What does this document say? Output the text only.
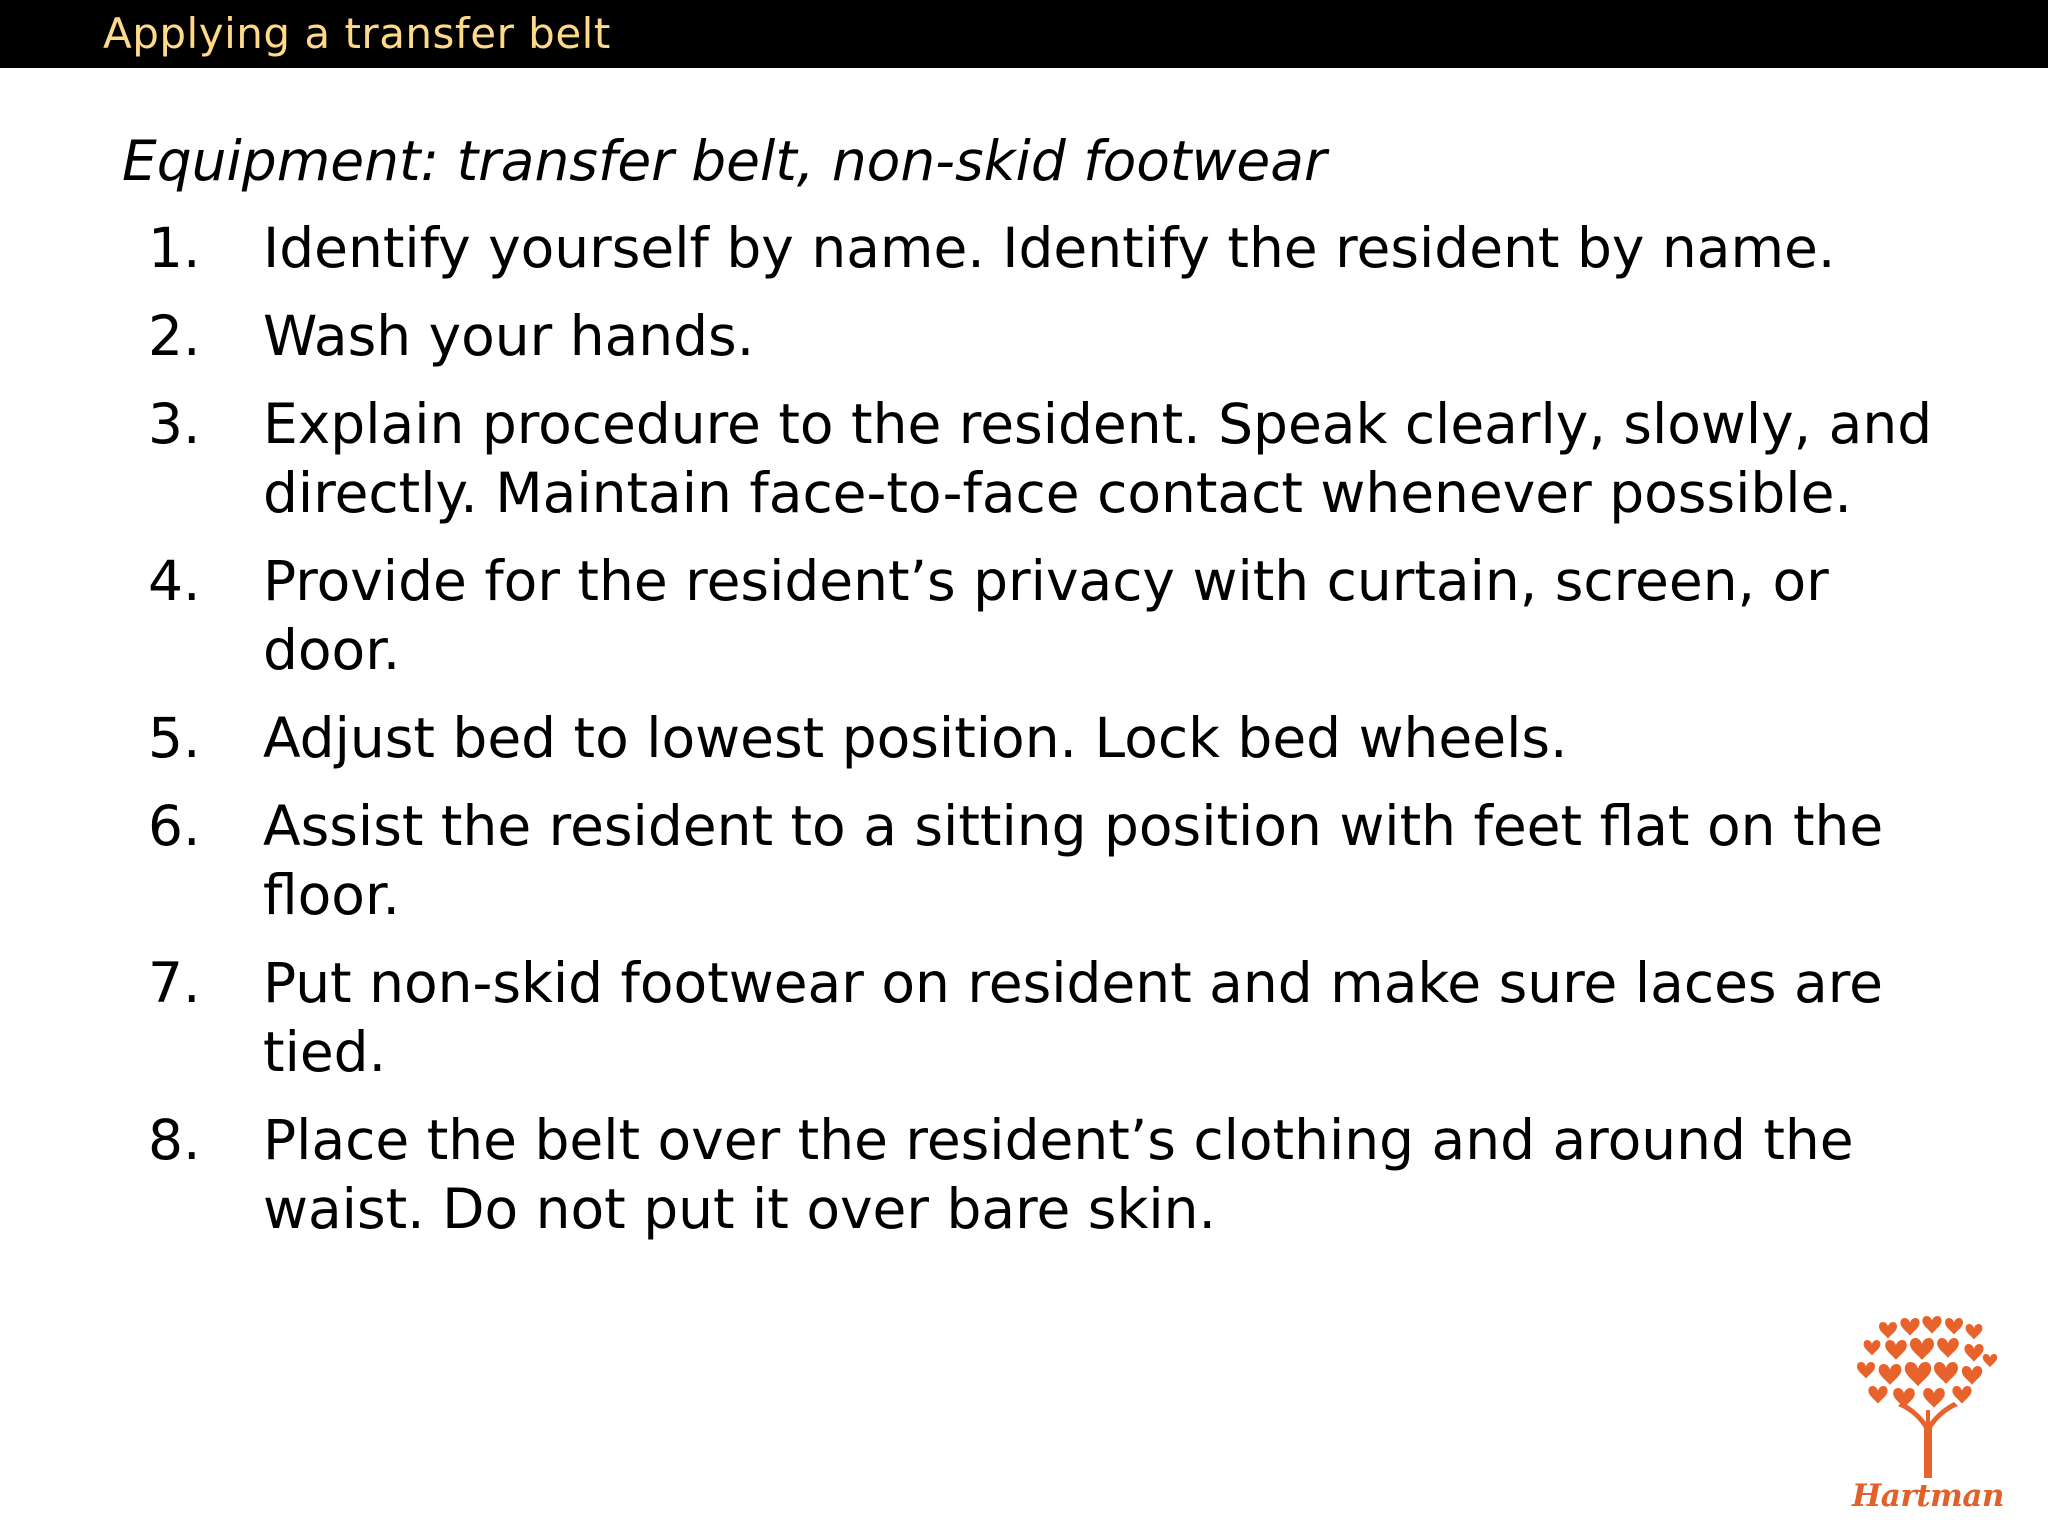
Applying a transfer belt
Equipment: transfer belt, non-skid footwear
1.	Identify yourself by name. Identify the resident by name.
2.	Wash your hands.
3.	Explain procedure to the resident. Speak clearly, slowly, and directly. Maintain face-to-face contact whenever possible.
4.	Provide for the resident’s privacy with curtain, screen, or door.
5.	Adjust bed to lowest position. Lock bed wheels.
6.	Assist the resident to a sitting position with feet flat on the floor.
7.	Put non-skid footwear on resident and make sure laces are tied.
8.	Place the belt over the resident’s clothing and around the waist. Do not put it over bare skin.
Hartman
